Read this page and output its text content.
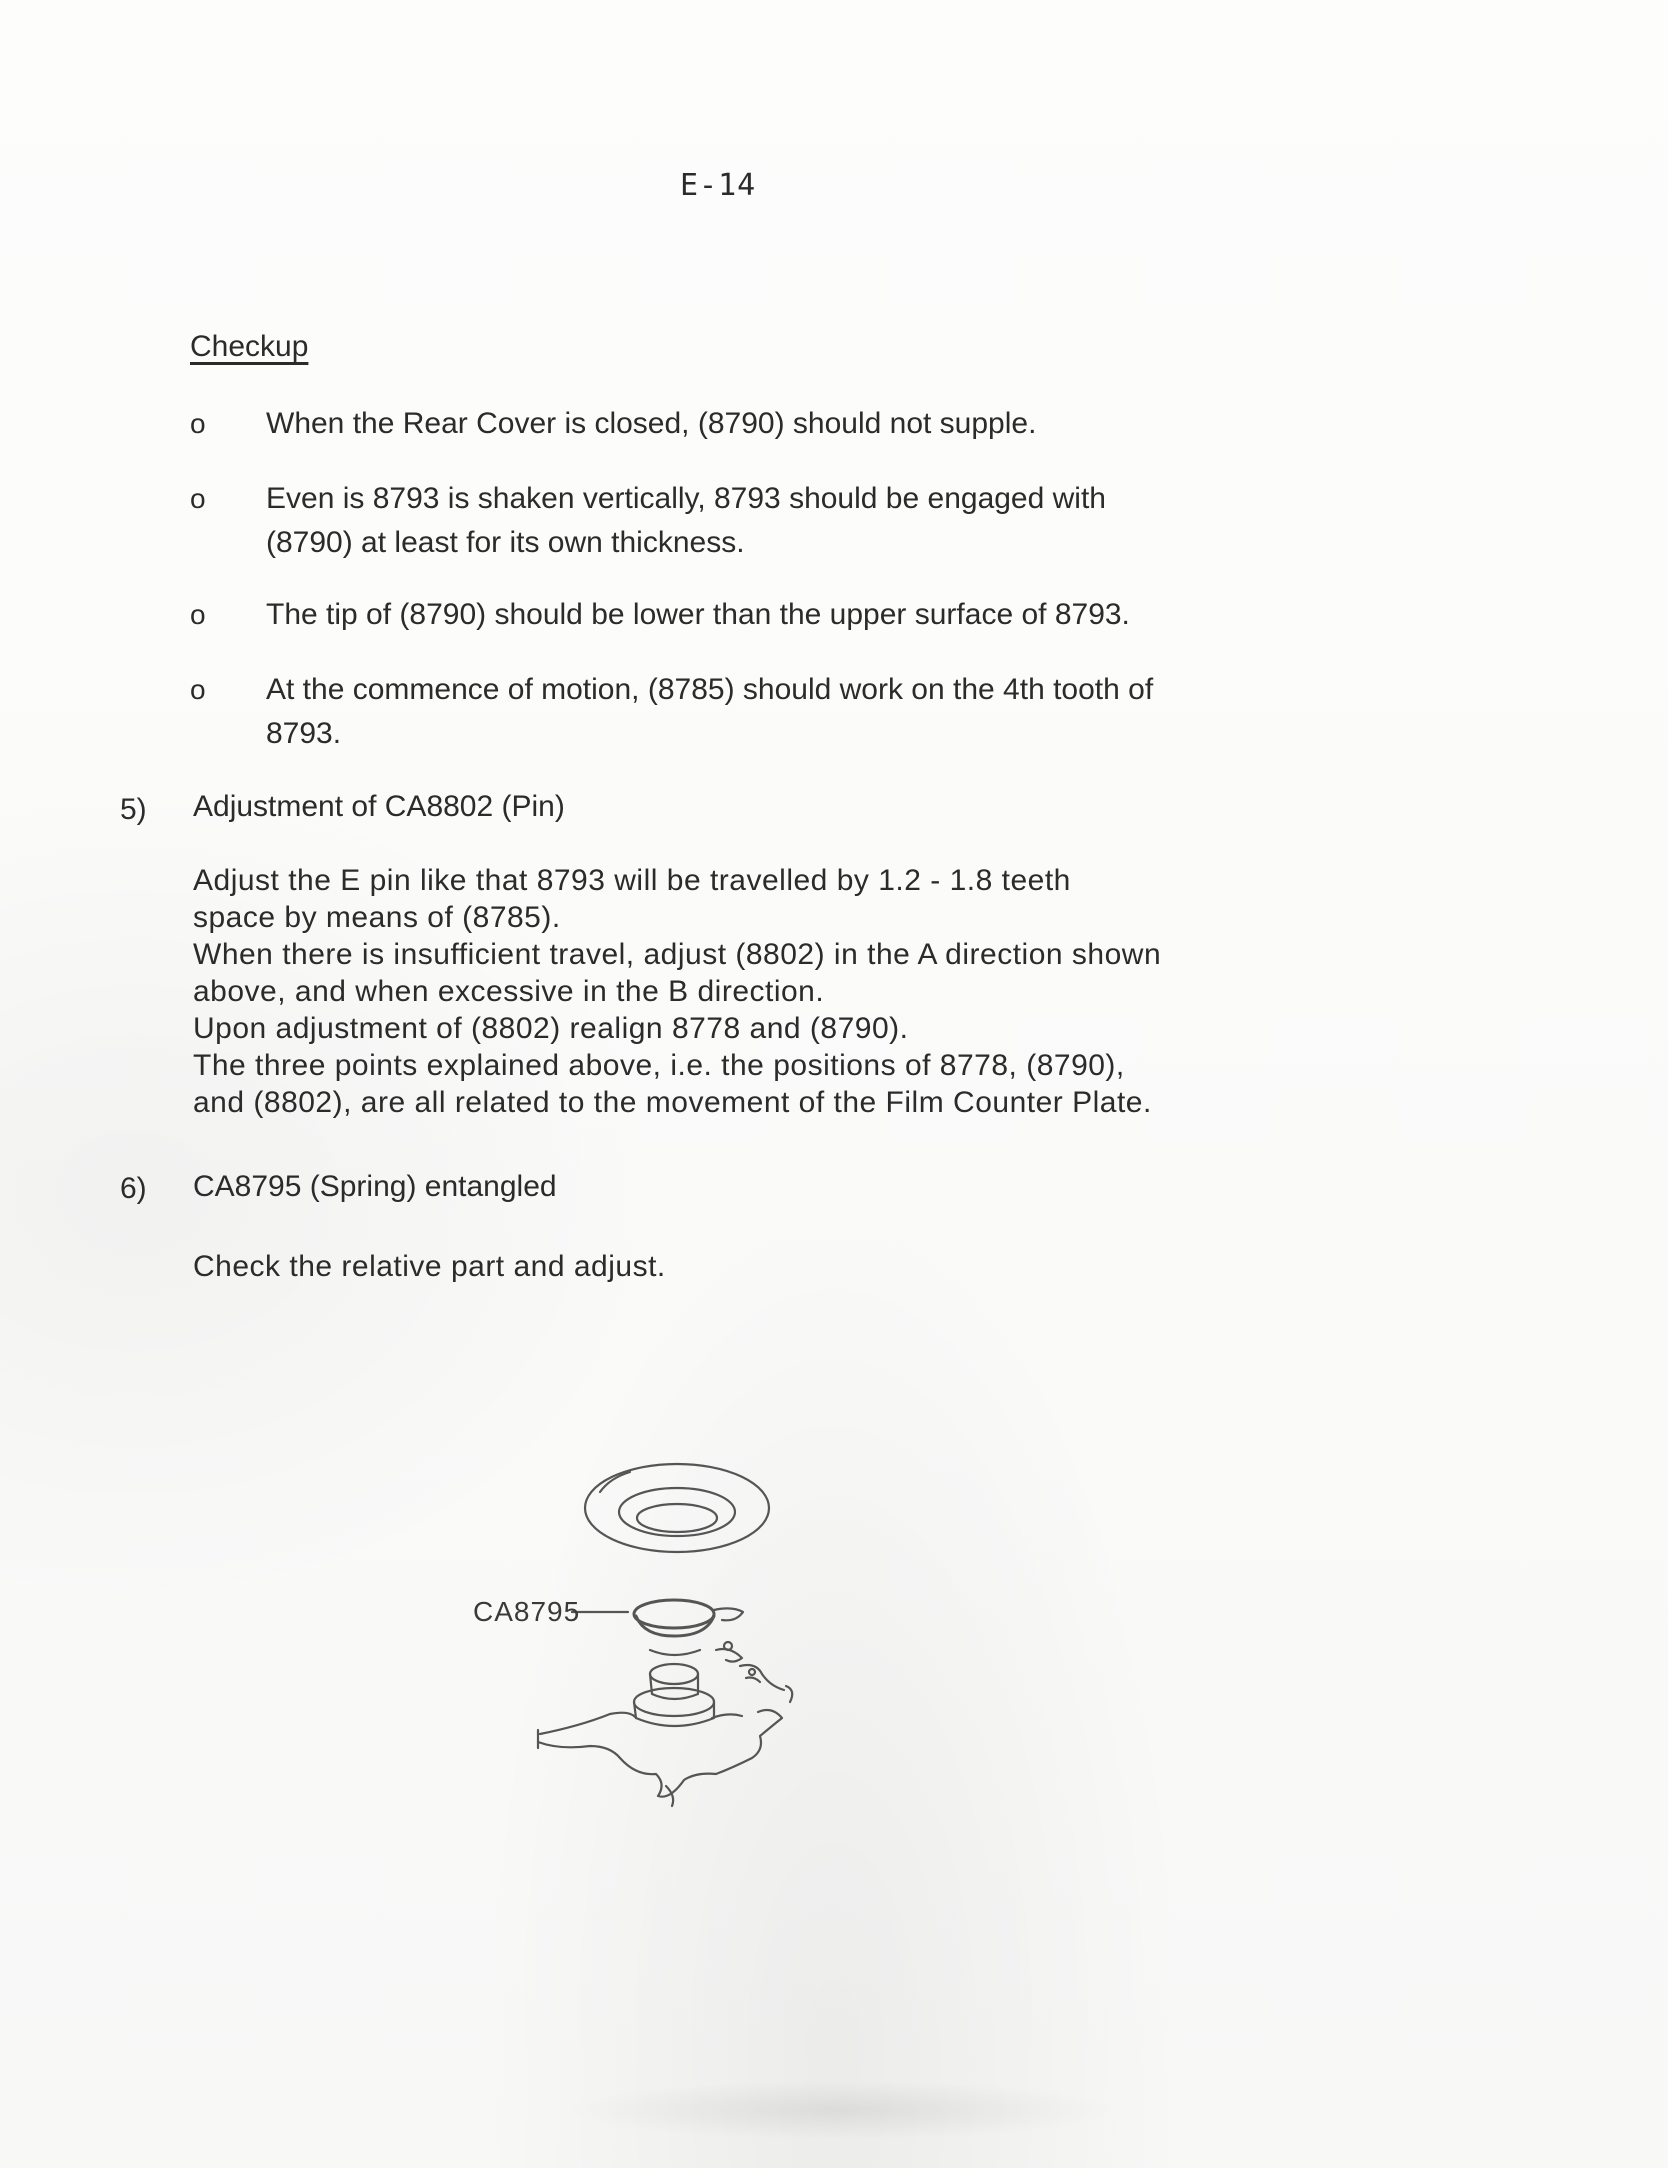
E-14
Checkup
o	When the Rear Cover is closed, (8790) should not supple.
o	Even is 8793 is shaken vertically, 8793 should be engaged with
(8790) at least for its own thickness.
o	The tip of (8790) should be lower than the upper surface of 8793.
o	At the commence of motion, (8785) should work on the 4th tooth of
8793.
5) Adjustment of CA8802 (Pin)
Adjust the E pin like that 8793 will be travelled by 1.2 - 1.8 teeth
space by means of (8785).
When there is insufficient travel, adjust (8802) in the A direction shown
above, and when excessive in the B direction.
Upon adjustment of (8802) realign 8778 and (8790).
The three points explained above, i.e. the positions of 8778, (8790),
and (8802), are all related to the movement of the Film Counter Plate.
6) CA8795 (Spring) entangled
Check the relative part and adjust.
CA8795
